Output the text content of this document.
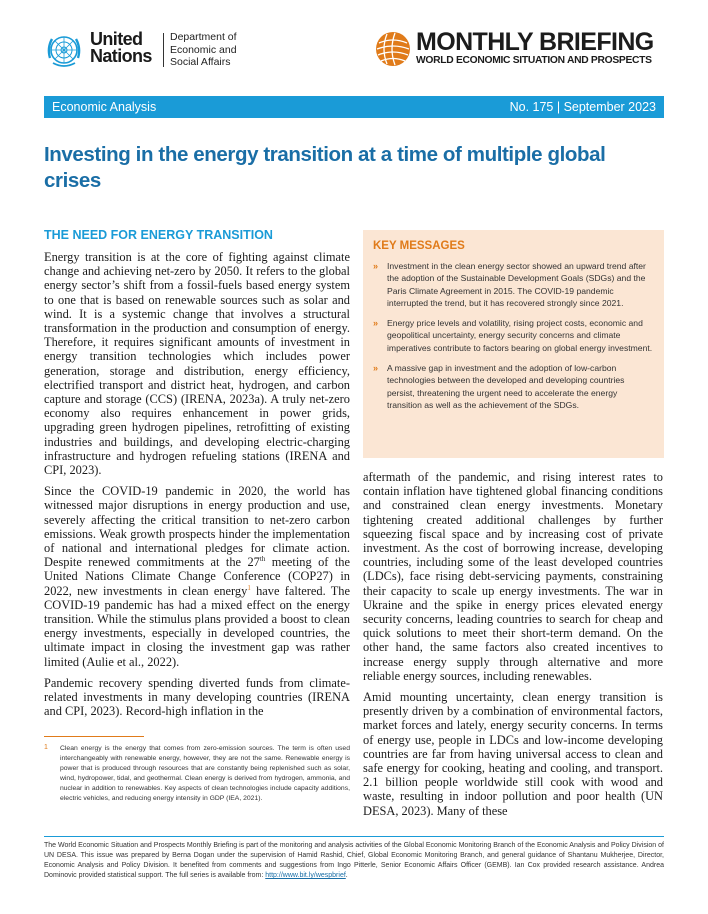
United
Nations
Department of
Economic and
Social Affairs
MONTHLY BRIEFING
WORLD ECONOMIC SITUATION AND PROSPECTS
Economic Analysis	No. 175 | September 2023
Investing in the energy transition at a time of multiple global crises
THE NEED FOR ENERGY TRANSITION

Energy transition is at the core of fighting against climate change and achieving net-zero by 2050. It refers to the global energy sector’s shift from a fossil-fuels based energy system to one that is based on renewable sources such as solar and wind. It is a systemic change that involves a structural transformation in the production and consumption of energy. Therefore, it requires significant amounts of investment in energy transition technologies which includes power generation, storage and distribution, energy efficiency, electrified transport and district heat, hydrogen, and carbon capture and storage (CCS) (IRENA, 2023a). A truly net-zero economy also requires enhancement in power grids, upgrading green hydrogen pipelines, retrofitting of existing industries and buildings, and developing electric-charging infrastructure and hydrogen refueling stations (IRENA and CPI, 2023).

Since the COVID-19 pandemic in 2020, the world has witnessed major disruptions in energy production and use, severely affecting the critical transition to net-zero carbon emissions. Weak growth prospects hinder the implementation of national and international pledges for climate action. Despite renewed commitments at the 27th meeting of the United Nations Climate Change Conference (COP27) in 2022, new investments in clean energy$^1$ have faltered. The COVID-19 pandemic has had a mixed effect on the energy transition. While the stimulus plans provided a boost to clean energy investments, especially in developed countries, the ultimate impact in closing the investment gap was rather limited (Aulie et al., 2022).

Pandemic recovery spending diverted funds from climate-related investments in many developing countries (IRENA and CPI, 2023). Record-high inflation in the

KEY MESSAGES
» Investment in the clean energy sector showed an upward trend after the adoption of the Sustainable Development Goals (SDGs) and the Paris Climate Agreement in 2015. The COVID-19 pandemic interrupted the trend, but it has recovered strongly since 2021.
» Energy price levels and volatility, rising project costs, economic and geopolitical uncertainty, energy security concerns and climate imperatives contribute to factors bearing on global energy investment.
» A massive gap in investment and the adoption of low-carbon technologies between the developed and developing countries persist, threatening the urgent need to accelerate the energy transition as well as the achievement of the SDGs.

aftermath of the pandemic, and rising interest rates to contain inflation have tightened global financing conditions and constrained clean energy investments. Monetary tightening created additional challenges by further squeezing fiscal space and by increasing cost of private investment. As the cost of borrowing increase, developing countries, including some of the least developed countries (LDCs), face rising debt-servicing payments, constraining their capacity to scale up energy investments. The war in Ukraine and the spike in energy prices elevated energy security concerns, leading countries to search for cheap and quick solutions to meet their short-term demand. On the other hand, the same factors also created incentives to increase energy supply through alternative and more reliable energy sources, including renewables.

Amid mounting uncertainty, clean energy transition is presently driven by a combination of environmental factors, market forces and lately, energy security concerns. In terms of energy use, people in LDCs and low-income developing countries are far from having universal access to clean and safe energy for cooking, heating and cooling, and transport. 2.1 billion people worldwide still cook with wood and waste, resulting in indoor pollution and poor health (UN DESA, 2023). Many of these

1	Clean energy is the energy that comes from zero-emission sources. The term is often used interchangeably with renewable energy, however, they are not the same. Renewable energy is power that is produced through resources that are constantly being replenished such as solar, wind, hydropower, tidal, and geothermal. Clean energy is derived from hydrogen, ammonia, and nuclear in addition to renewables. Key aspects of clean technologies include capacity additions, electric vehicles, and reducing energy intensity in GDP (IEA, 2021).
The World Economic Situation and Prospects Monthly Briefing is part of the monitoring and analysis activities of the Global Economic Monitoring Branch of the Economic Analysis and Policy Division of UN DESA. This issue was prepared by Berna Dogan under the supervision of Hamid Rashid, Chief, Global Economic Monitoring Branch, and general guidance of Shantanu Mukherjee, Director, Economic Analysis and Policy Division. It benefited from comments and suggestions from Ingo Pitterle, Senior Economic Affairs Officer (GEMB). Ian Cox provided research assistance. Andrea Dominovic provided statistical support. The full series is available from: http://www.bit.ly/wespbrief.
